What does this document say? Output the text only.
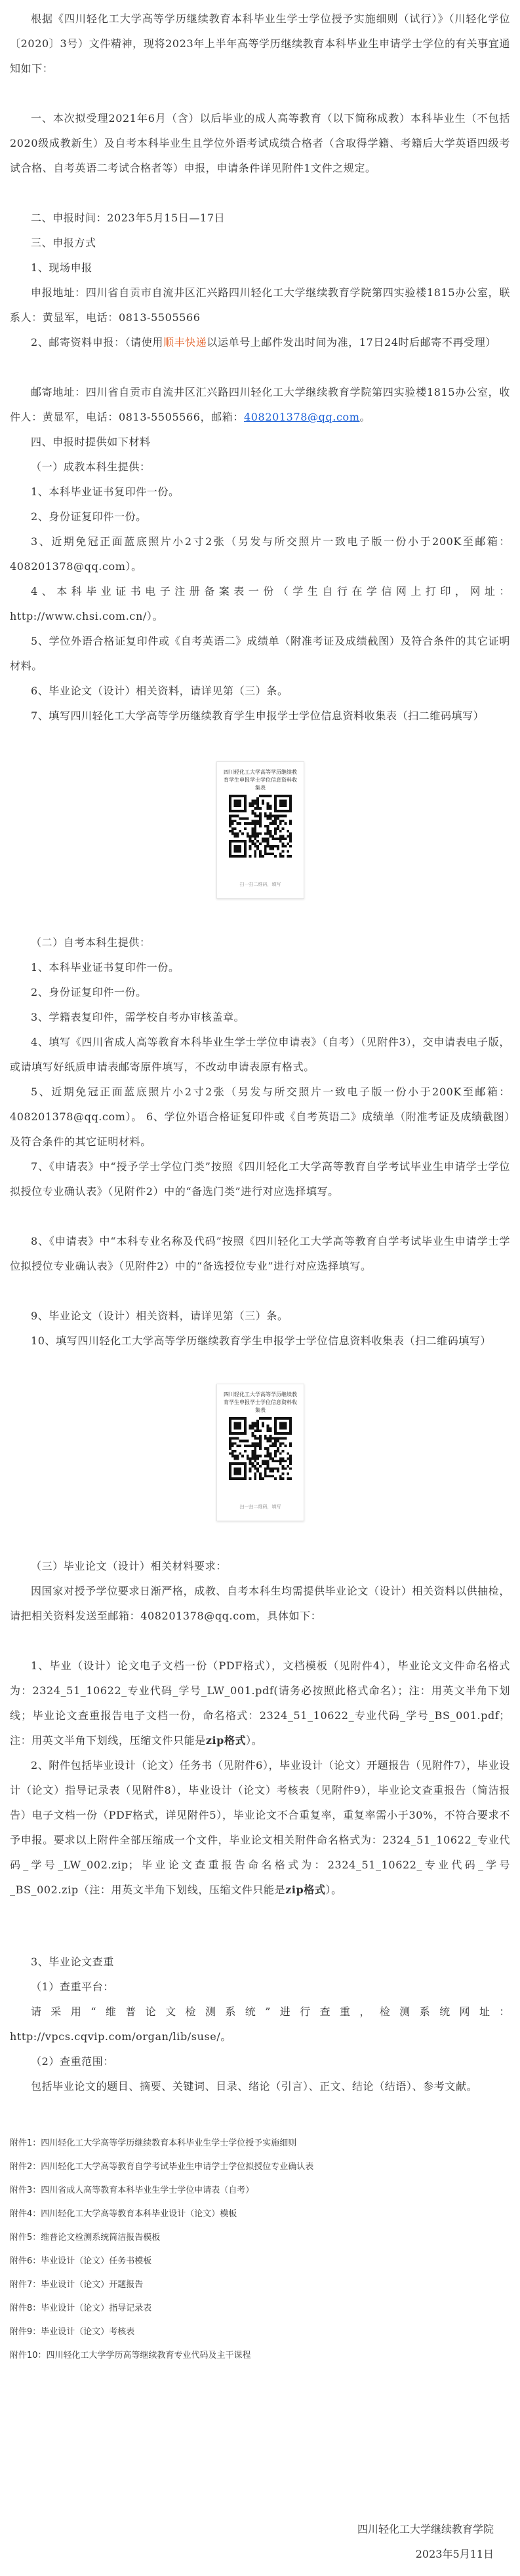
根据《四川轻化工大学高等学历继续教育本科毕业生学士学位授予实施细则（试行）》（川轻化学位〔2020〕3号）文件精神，现将2023年上半年高等学历继续教育本科毕业生申请学士学位的有关事宜通知如下：

一、本次拟受理2021年6月（含）以后毕业的成人高等教育（以下简称成教）本科毕业生（不包括2020级成教新生）及自考本科毕业生且学位外语考试成绩合格者（含取得学籍、考籍后大学英语四级考试合格、自考英语二考试合格者等）申报，申请条件详见附件1文件之规定。

二、申报时间：2023年5月15日—17日

三、申报方式

1、现场申报

申报地址：四川省自贡市自流井区汇兴路四川轻化工大学继续教育学院第四实验楼1815办公室，联系人：黄显军，电话：0813-5505566

2、邮寄资料申报：（请使用顺丰快递以运单号上邮件发出时间为准，17日24时后邮寄不再受理）

邮寄地址：四川省自贡市自流井区汇兴路四川轻化工大学继续教育学院第四实验楼1815办公室，收件人：黄显军，电话：0813-5505566，邮箱：408201378@qq.com。

四、申报时提供如下材料

（一）成教本科生提供：

1、本科毕业证书复印件一份。

2、身份证复印件一份。

3、近期免冠正面蓝底照片小2寸2张（另发与所交照片一致电子版一份小于200K至邮箱：408201378@qq.com）。

4、本科毕业证书电子注册备案表一份（学生自行在学信网上打印，网址：http://www.chsi.com.cn/）。

5、学位外语合格证复印件或《自考英语二》成绩单（附准考证及成绩截图）及符合条件的其它证明材料。

6、毕业论文（设计）相关资料，请详见第（三）条。

7、填写四川轻化工大学高等学历继续教育学生申报学士学位信息资料收集表（扫二维码填写）

四川轻化工大学高等学历继续教育学生申报学士学位信息资料收集表
扫一扫二维码，填写

（二）自考本科生提供：

1、本科毕业证书复印件一份。

2、身份证复印件一份。

3、学籍表复印件，需学校自考办审核盖章。

4、填写《四川省成人高等教育本科毕业生学士学位申请表》（自考）（见附件3），交申请表电子版，或请填写好纸质申请表邮寄原件填写，不改动申请表原有格式。

5、近期免冠正面蓝底照片小2寸2张（另发与所交照片一致电子版一份小于200K至邮箱：408201378@qq.com）。 6、学位外语合格证复印件或《自考英语二》成绩单（附准考证及成绩截图）及符合条件的其它证明材料。

7、《申请表》中“授予学士学位门类”按照《四川轻化工大学高等教育自学考试毕业生申请学士学位拟授位专业确认表》（见附件2）中的“备选门类”进行对应选择填写。

8、《申请表》中“本科专业名称及代码”按照《四川轻化工大学高等教育自学考试毕业生申请学士学位拟授位专业确认表》（见附件2）中的“备选授位专业”进行对应选择填写。

9、毕业论文（设计）相关资料，请详见第（三）条。

10、填写四川轻化工大学高等学历继续教育学生申报学士学位信息资料收集表（扫二维码填写）

四川轻化工大学高等学历继续教育学生申报学士学位信息资料收集表
扫一扫二维码，填写

（三）毕业论文（设计）相关材料要求：

因国家对授予学位要求日渐严格，成教、自考本科生均需提供毕业论文（设计）相关资料以供抽检，请把相关资料发送至邮箱：408201378@qq.com，具体如下：

1、毕业（设计）论文电子文档一份（PDF格式），文档模板（见附件4），毕业论文文件命名格式为：2324_51_10622_专业代码_学号_LW_001.pdf(请务必按照此格式命名）；注：用英文半角下划线；毕业论文查重报告电子文档一份，命名格式：2324_51_10622_专业代码_学号_BS_001.pdf；注：用英文半角下划线，压缩文件只能是zip格式）。

2、附件包括毕业设计（论文）任务书（见附件6），毕业设计（论文）开题报告（见附件7），毕业设计（论文）指导记录表（见附件8），毕业设计（论文）考核表（见附件9），毕业论文查重报告（简洁报告）电子文档一份（PDF格式，详见附件5），毕业论文不合重复率，重复率需小于30%，不符合要求不予申报。要求以上附件全部压缩成一个文件，毕业论文相关附件命名格式为：2324_51_10622_专业代码_学号_LW_002.zip；毕业论文查重报告命名格式为：2324_51_10622_专业代码_学号_BS_002.zip（注：用英文半角下划线，压缩文件只能是zip格式）。

3、毕业论文查重

（1）查重平台：

请采用“维普论文检测系统”进行查重，检测系统网址：http://vpcs.cqvip.com/organ/lib/suse/。

（2）查重范围：

包括毕业论文的题目、摘要、关键词、目录、绪论（引言）、正文、结论（结语）、参考文献。

附件1：四川轻化工大学高等学历继续教育本科毕业生学士学位授予实施细则
附件2：四川轻化工大学高等教育自学考试毕业生申请学士学位拟授位专业确认表
附件3：四川省成人高等教育本科毕业生学士学位申请表（自考）
附件4：四川轻化工大学高等教育本科毕业设计（论文）模板
附件5：维普论文检测系统简洁报告模板
附件6：毕业设计（论文）任务书模板
附件7：毕业设计（论文）开题报告
附件8：毕业设计（论文）指导记录表
附件9：毕业设计（论文）考核表
附件10：四川轻化工大学学历高等继续教育专业代码及主干课程
四川轻化工大学继续教育学院
2023年5月11日
